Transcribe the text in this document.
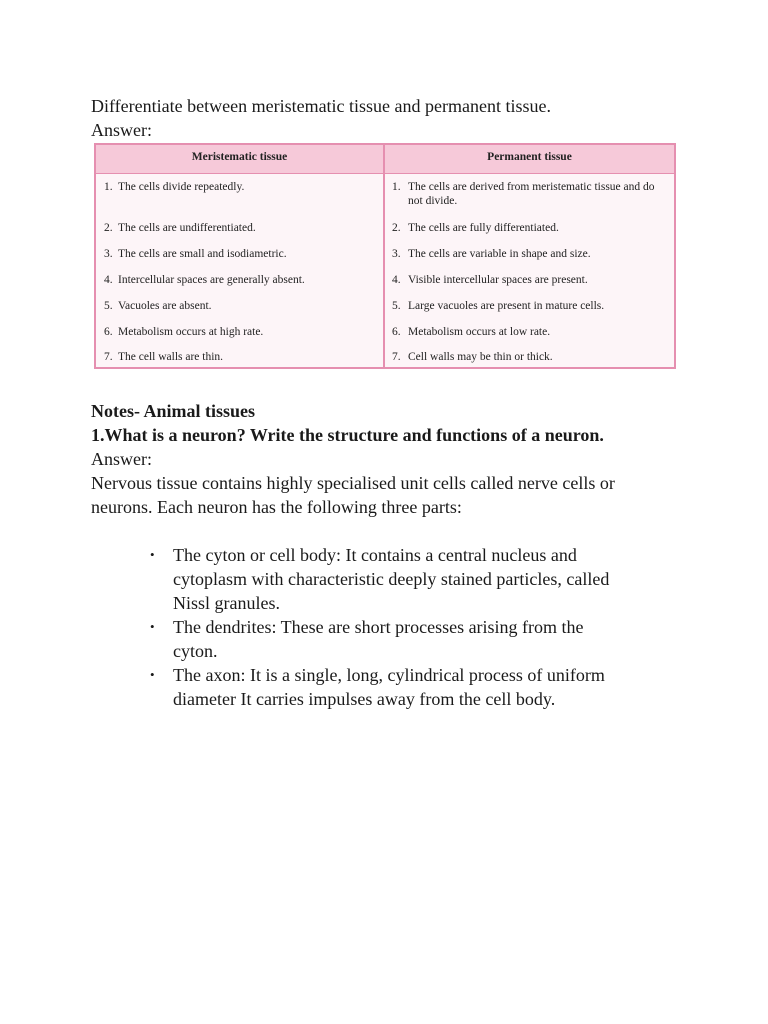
Differentiate between meristematic tissue and permanent tissue.
Answer:
Meristematic tissue	Permanent tissue
1. The cells divide repeatedly.	1. The cells are derived from meristematic tissue and do not divide.
2. The cells are undifferentiated.	2. The cells are fully differentiated.
3. The cells are small and isodiametric.	3. The cells are variable in shape and size.
4. Intercellular spaces are generally absent.	4. Visible intercellular spaces are present.
5. Vacuoles are absent.	5. Large vacuoles are present in mature cells.
6. Metabolism occurs at high rate.	6. Metabolism occurs at low rate.
7. The cell walls are thin.	7. Cell walls may be thin or thick.
Notes- Animal tissues
1.What is a neuron? Write the structure and functions of a neuron.
Answer:
Nervous tissue contains highly specialised unit cells called nerve cells or
neurons. Each neuron has the following three parts:
•	The cyton or cell body: It contains a central nucleus and
cytoplasm with characteristic deeply stained particles, called
Nissl granules.
•	The dendrites: These are short processes arising from the
cyton.
•	The axon: It is a single, long, cylindrical process of uniform
diameter It carries impulses away from the cell body.
